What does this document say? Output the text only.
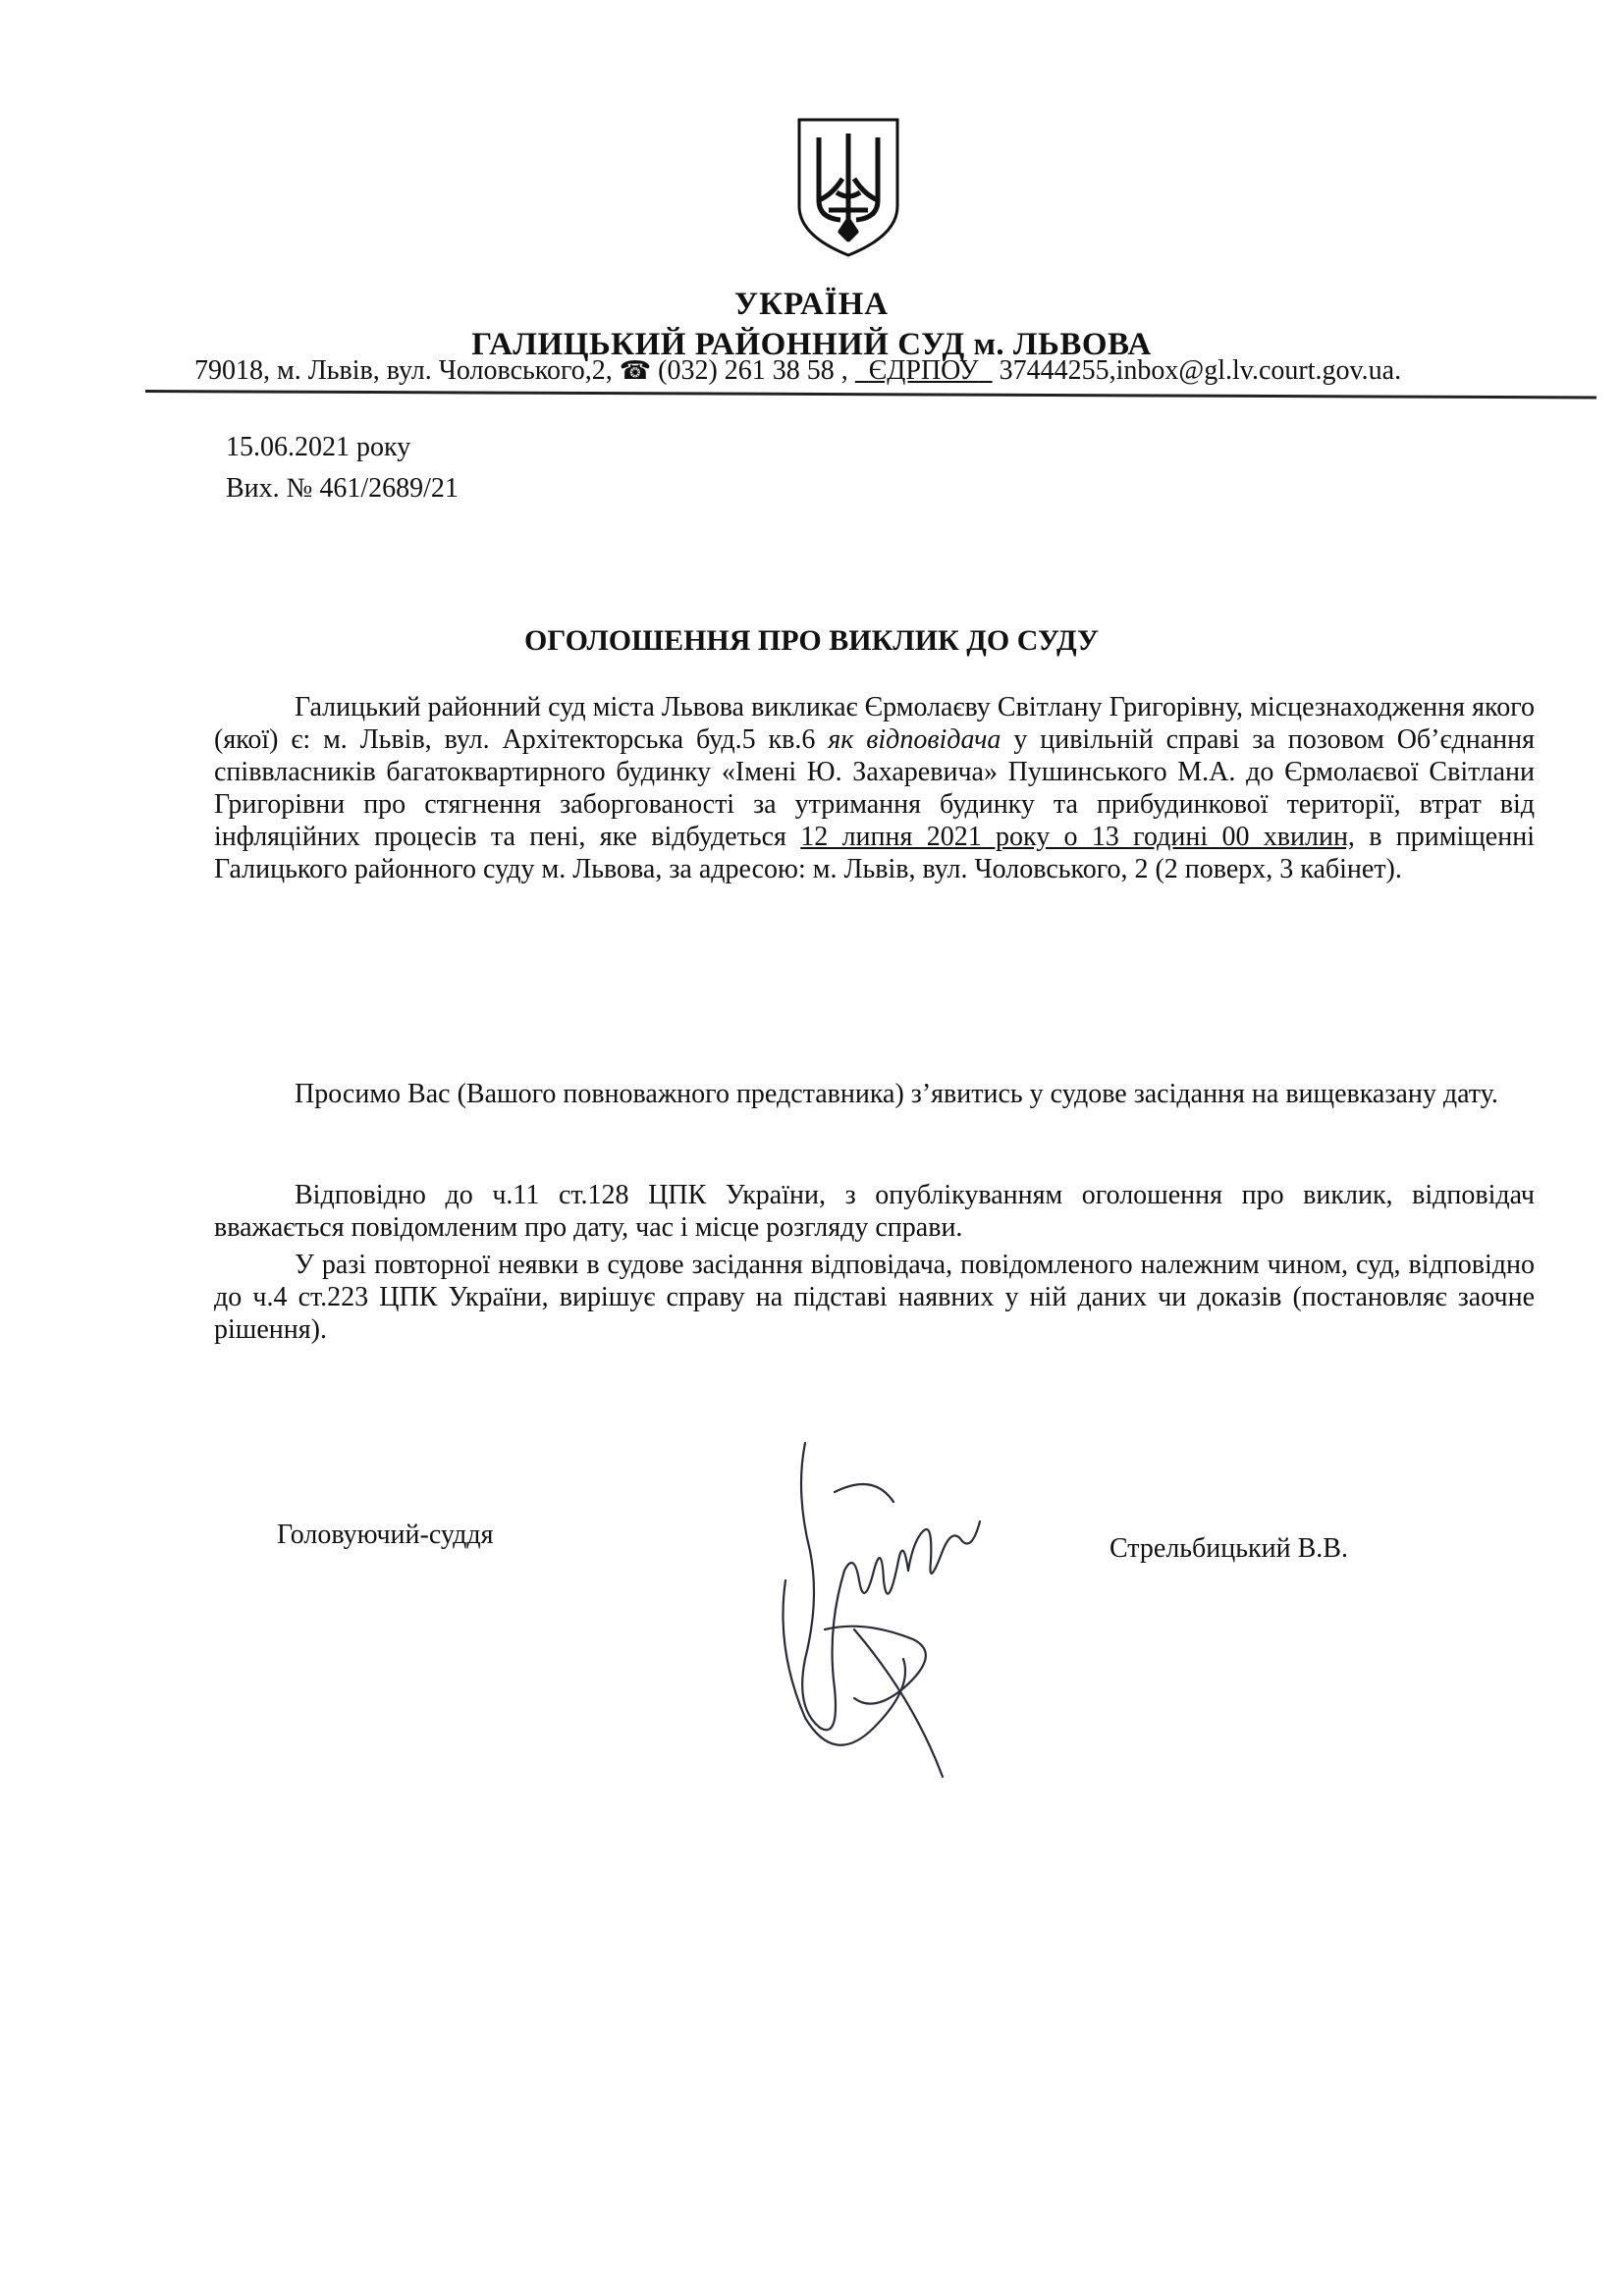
УКРАЇНА
ГАЛИЦЬКИЙ РАЙОННИЙ СУД м. ЛЬВОВА
79018, м. Львів, вул. Чоловського,2, ☎ (032) 261 38 58 , ЄДРПОУ 37444255,inbox@gl.lv.court.gov.ua.
15.06.2021 року
Вих. № 461/2689/21
ОГОЛОШЕННЯ ПРО ВИКЛИК ДО СУДУ
Галицький районний суд міста Львова викликає Єрмолаєву Світлану Григорівну, місцезнаходження якого (якої) є: м. Львів, вул. Архітекторська буд.5 кв.6 як відповідача у цивільній справі за позовом Об’єднання співвласників багатоквартирного будинку «Імені Ю. Захаревича» Пушинського М.А. до Єрмолаєвої Світлани Григорівни про стягнення заборгованості за утримання будинку та прибудинкової території, втрат від інфляційних процесів та пені, яке відбудеться 12 липня 2021 року о 13 годині 00 хвилин, в приміщенні Галицького районного суду м. Львова, за адресою: м. Львів, вул. Чоловського, 2 (2 поверх, 3 кабінет).
Просимо Вас (Вашого повноважного представника) з’явитись у судове засідання на вищевказану дату.
Відповідно до ч.11 ст.128 ЦПК України, з опублікуванням оголошення про виклик, відповідач вважається повідомленим про дату, час і місце розгляду справи.
У разі повторної неявки в судове засідання відповідача, повідомленого належним чином, суд, відповідно до ч.4 ст.223 ЦПК України, вирішує справу на підставі наявних у ній даних чи доказів (постановляє заочне рішення).
Головуючий-суддя	Стрельбицький В.В.
